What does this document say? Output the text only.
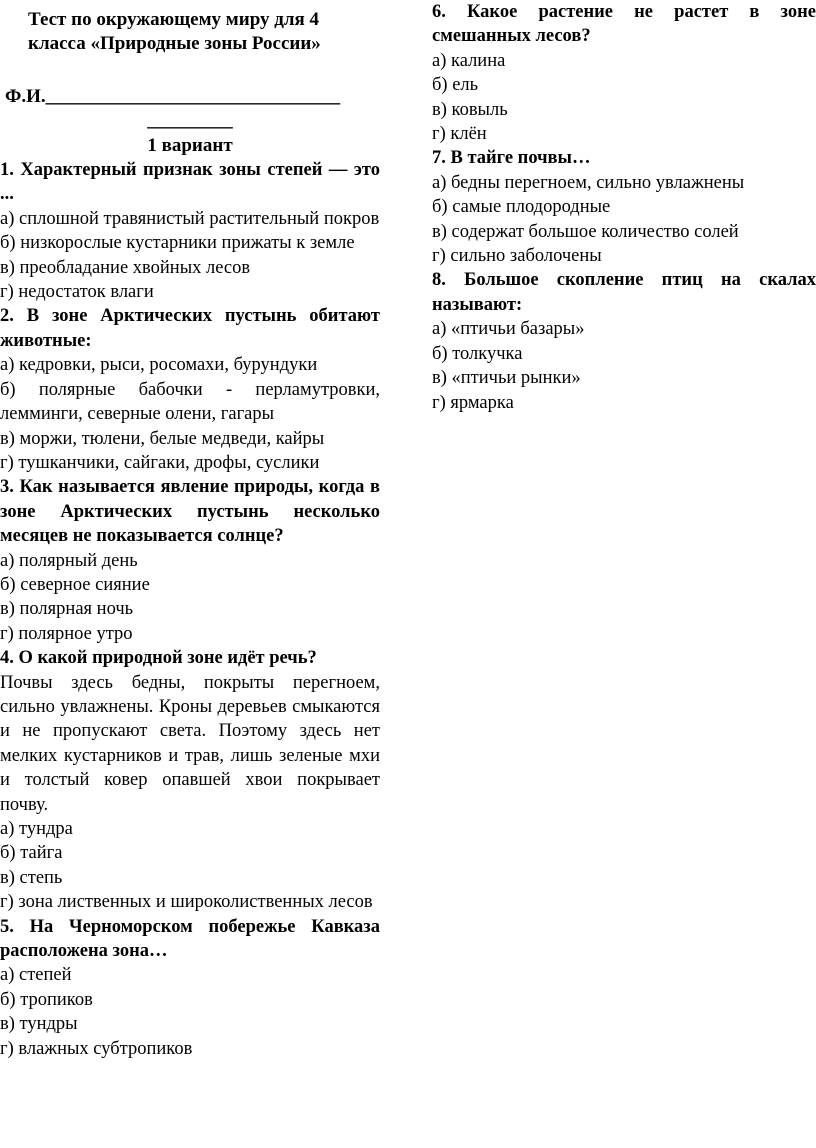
Тест по окружающему миру для 4 класса «Природные зоны России»

Ф.И._______________________________

_________

1 вариант

1. Характерный признак зоны степей — это ...

а) сплошной травянистый растительный покров

б) низкорослые кустарники прижаты к земле

в) преобладание хвойных лесов

г) недостаток влаги

2. В зоне Арктических пустынь обитают животные:

а) кедровки, рыси, росомахи, бурундуки

б) полярные бабочки - перламутровки, лемминги, северные олени, гагары

в) моржи, тюлени, белые медведи, кайры

г) тушканчики, сайгаки, дрофы, суслики

3. Как называется явление природы, когда в зоне Арктических пустынь несколько месяцев не показывается солнце?

а) полярный день

б) северное сияние

в) полярная ночь

г) полярное утро

4. О какой природной зоне идёт речь?

Почвы здесь бедны, покрыты перегноем, сильно увлажнены. Кроны деревьев смыкаются и не пропускают света. Поэтому здесь нет мелких кустарников и трав, лишь зеленые мхи и толстый ковер опавшей хвои покрывает почву.

а) тундра

б) тайга

в) степь

г) зона лиственных и широколиственных лесов

5. На Черноморском побережье Кавказа расположена зона…

а) степей

б) тропиков

в) тундры

г) влажных субтропиков

6. Какое растение не растет в зоне смешанных лесов?

а) калина

б) ель

в) ковыль

г) клён

7. В тайге почвы…

а) бедны перегноем, сильно увлажнены

б) самые плодородные

в) содержат большое количество солей

г) сильно заболочены

8. Большое скопление птиц на скалах называют:

а) «птичьи базары»

б) толкучка

в) «птичьи рынки»

г) ярмарка
